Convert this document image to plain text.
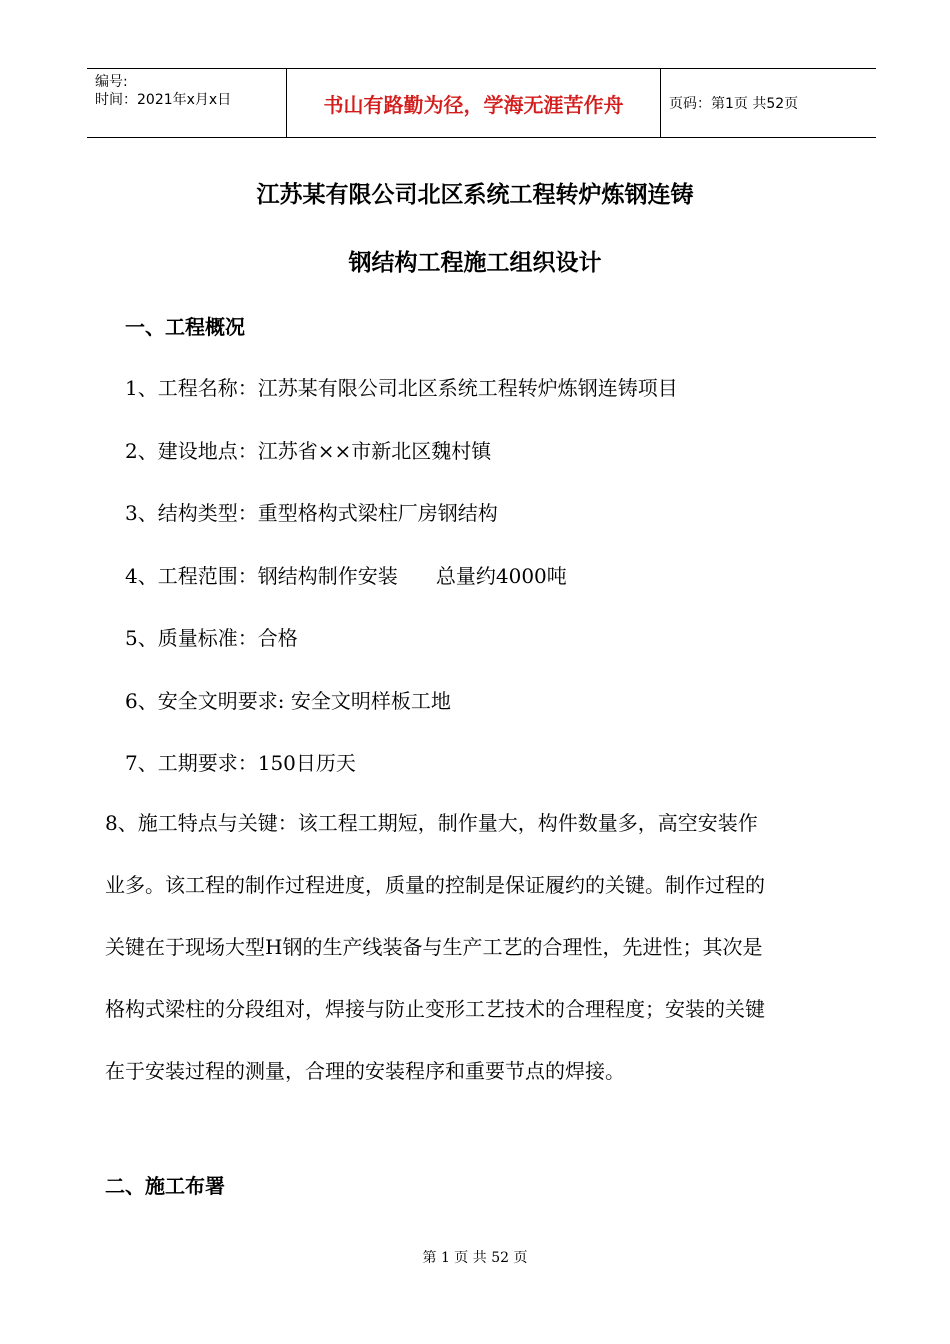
编号:
时间：2021年x月x日	书山有路勤为径，学海无涯苦作舟	页码：第1页 共52页
江苏某有限公司北区系统工程转炉炼钢连铸
钢结构工程施工组织设计
一、工程概况
1、工程名称：江苏某有限公司北区系统工程转炉炼钢连铸项目
2、建设地点：江苏省××市新北区魏村镇
3、结构类型：重型格构式梁柱厂房钢结构
4、工程范围：钢结构制作安装      总量约4000吨
5、质量标准：合格
6、安全文明要求: 安全文明样板工地
7、工期要求：150日历天
8、施工特点与关键：该工程工期短，制作量大，构件数量多，高空安装作
业多。该工程的制作过程进度，质量的控制是保证履约的关键。制作过程的
关键在于现场大型H钢的生产线装备与生产工艺的合理性，先进性；其次是
格构式梁柱的分段组对，焊接与防止变形工艺技术的合理程度；安装的关键
在于安装过程的测量，合理的安装程序和重要节点的焊接。
二、施工布署
第 1 页 共 52 页
